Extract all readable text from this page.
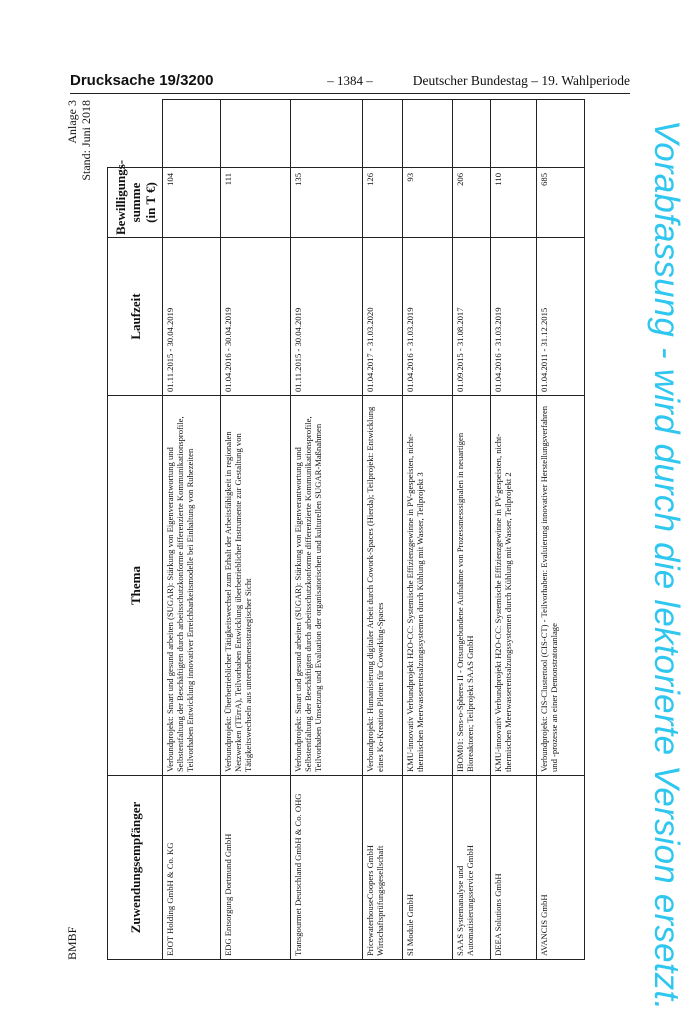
Drucksache 19/3200	– 1384 –	Deutscher Bundestag – 19. Wahlperiode
BMBF
Anlage 3 Stand: Juni 2018
Zuwendungsempfänger	Thema	Laufzeit	Bewilligungs- summe (in T €)	

EJOT Holding GmbH & Co. KG	Verbundprojekt: Smart und gesund arbeiten (SUGAR): Stärkung von Eigenverantwortung und Selbstentfaltung der Beschäftigten durch arbeitsschutzkonforme differenzierte Kommunikationsprofile, Teilvorhaben Entwicklung innovativer Erreichbarkeitsmodelle bei Einhaltung von Ruhezeiten	01.11.2015 - 30.04.2019	104	
EDG Entsorgung Dortmund GmbH	Verbundprojekt: Überbetrieblicher Tätigkeitswechsel zum Erhalt der Arbeitsfähigkeit in regionalen Netzwerken (TErrA), Teilvorhaben Entwicklung überbetrieblicher Instrumente zur Gestaltung von Tätigkeitswechseln aus unternehmensstrategischer Sicht	01.04.2016 - 30.04.2019	111	
Transgourmet Deutschland GmbH & Co. OHG	Verbundprojekt: Smart und gesund arbeiten (SUGAR): Stärkung von Eigenverantwortung und Selbstentfaltung der Beschäftigten durch arbeitsschutzkonforme differenzierte Kommunikationsprofile, Teilvorhaben Umsetzung und Evaluation der organisatorischen und kulturellen SUGAR-Maßnahmen	01.11.2015 - 30.04.2019	135	
PricewaterhouseCoopers GmbH Wirtschaftsprüfungsgesellschaft	Verbundprojekt: Humanisierung digitaler Arbeit durch Cowork-Spaces (Hierda); Teilprojekt: Entwicklung eines Ko-Kreation Piloten für Coworking-Spaces	01.04.2017 - 31.03.2020	126	
SI Module GmbH	KMU-innovativ Verbundprojekt H2O-CC: Systemische Effizienzgewinne in PV-gespeisten, nicht-thermischen Meerwasserentsalzungssystemen durch Kühlung mit Wasser, Teilprojekt 3	01.04.2016 - 31.03.2019	93	
SAAS Systemanalyse und Automatisierungsservice GmbH	IBOM01: Sens-o-Spheres II - Ortsungebundene Aufnahme von Prozessmesssignalen in neuartigen Bioreaktoren; Teilprojekt SAAS GmbH	01.09.2015 - 31.08.2017	206	
DEEA Solutions GmbH	KMU-innovativ Verbundprojekt H2O-CC: Systemische Effizienzgewinne in PV-gespeisten, nicht-thermischen Meerwasserentsalzungssystemen durch Kühlung mit Wasser, Teilprojekt 2	01.04.2016 - 31.03.2019	110	
AVANCIS GmbH	Verbundprojekt: CIS-Clustertool (CIS-CT) - Teilvorhaben: Evaluierung innovativer Herstellungsverfahren und -prozesse an einer Demonstratoranlage	01.04.2011 - 31.12.2015	685		Vorabfassung - wird durch die lektorierte Version ersetzt.
